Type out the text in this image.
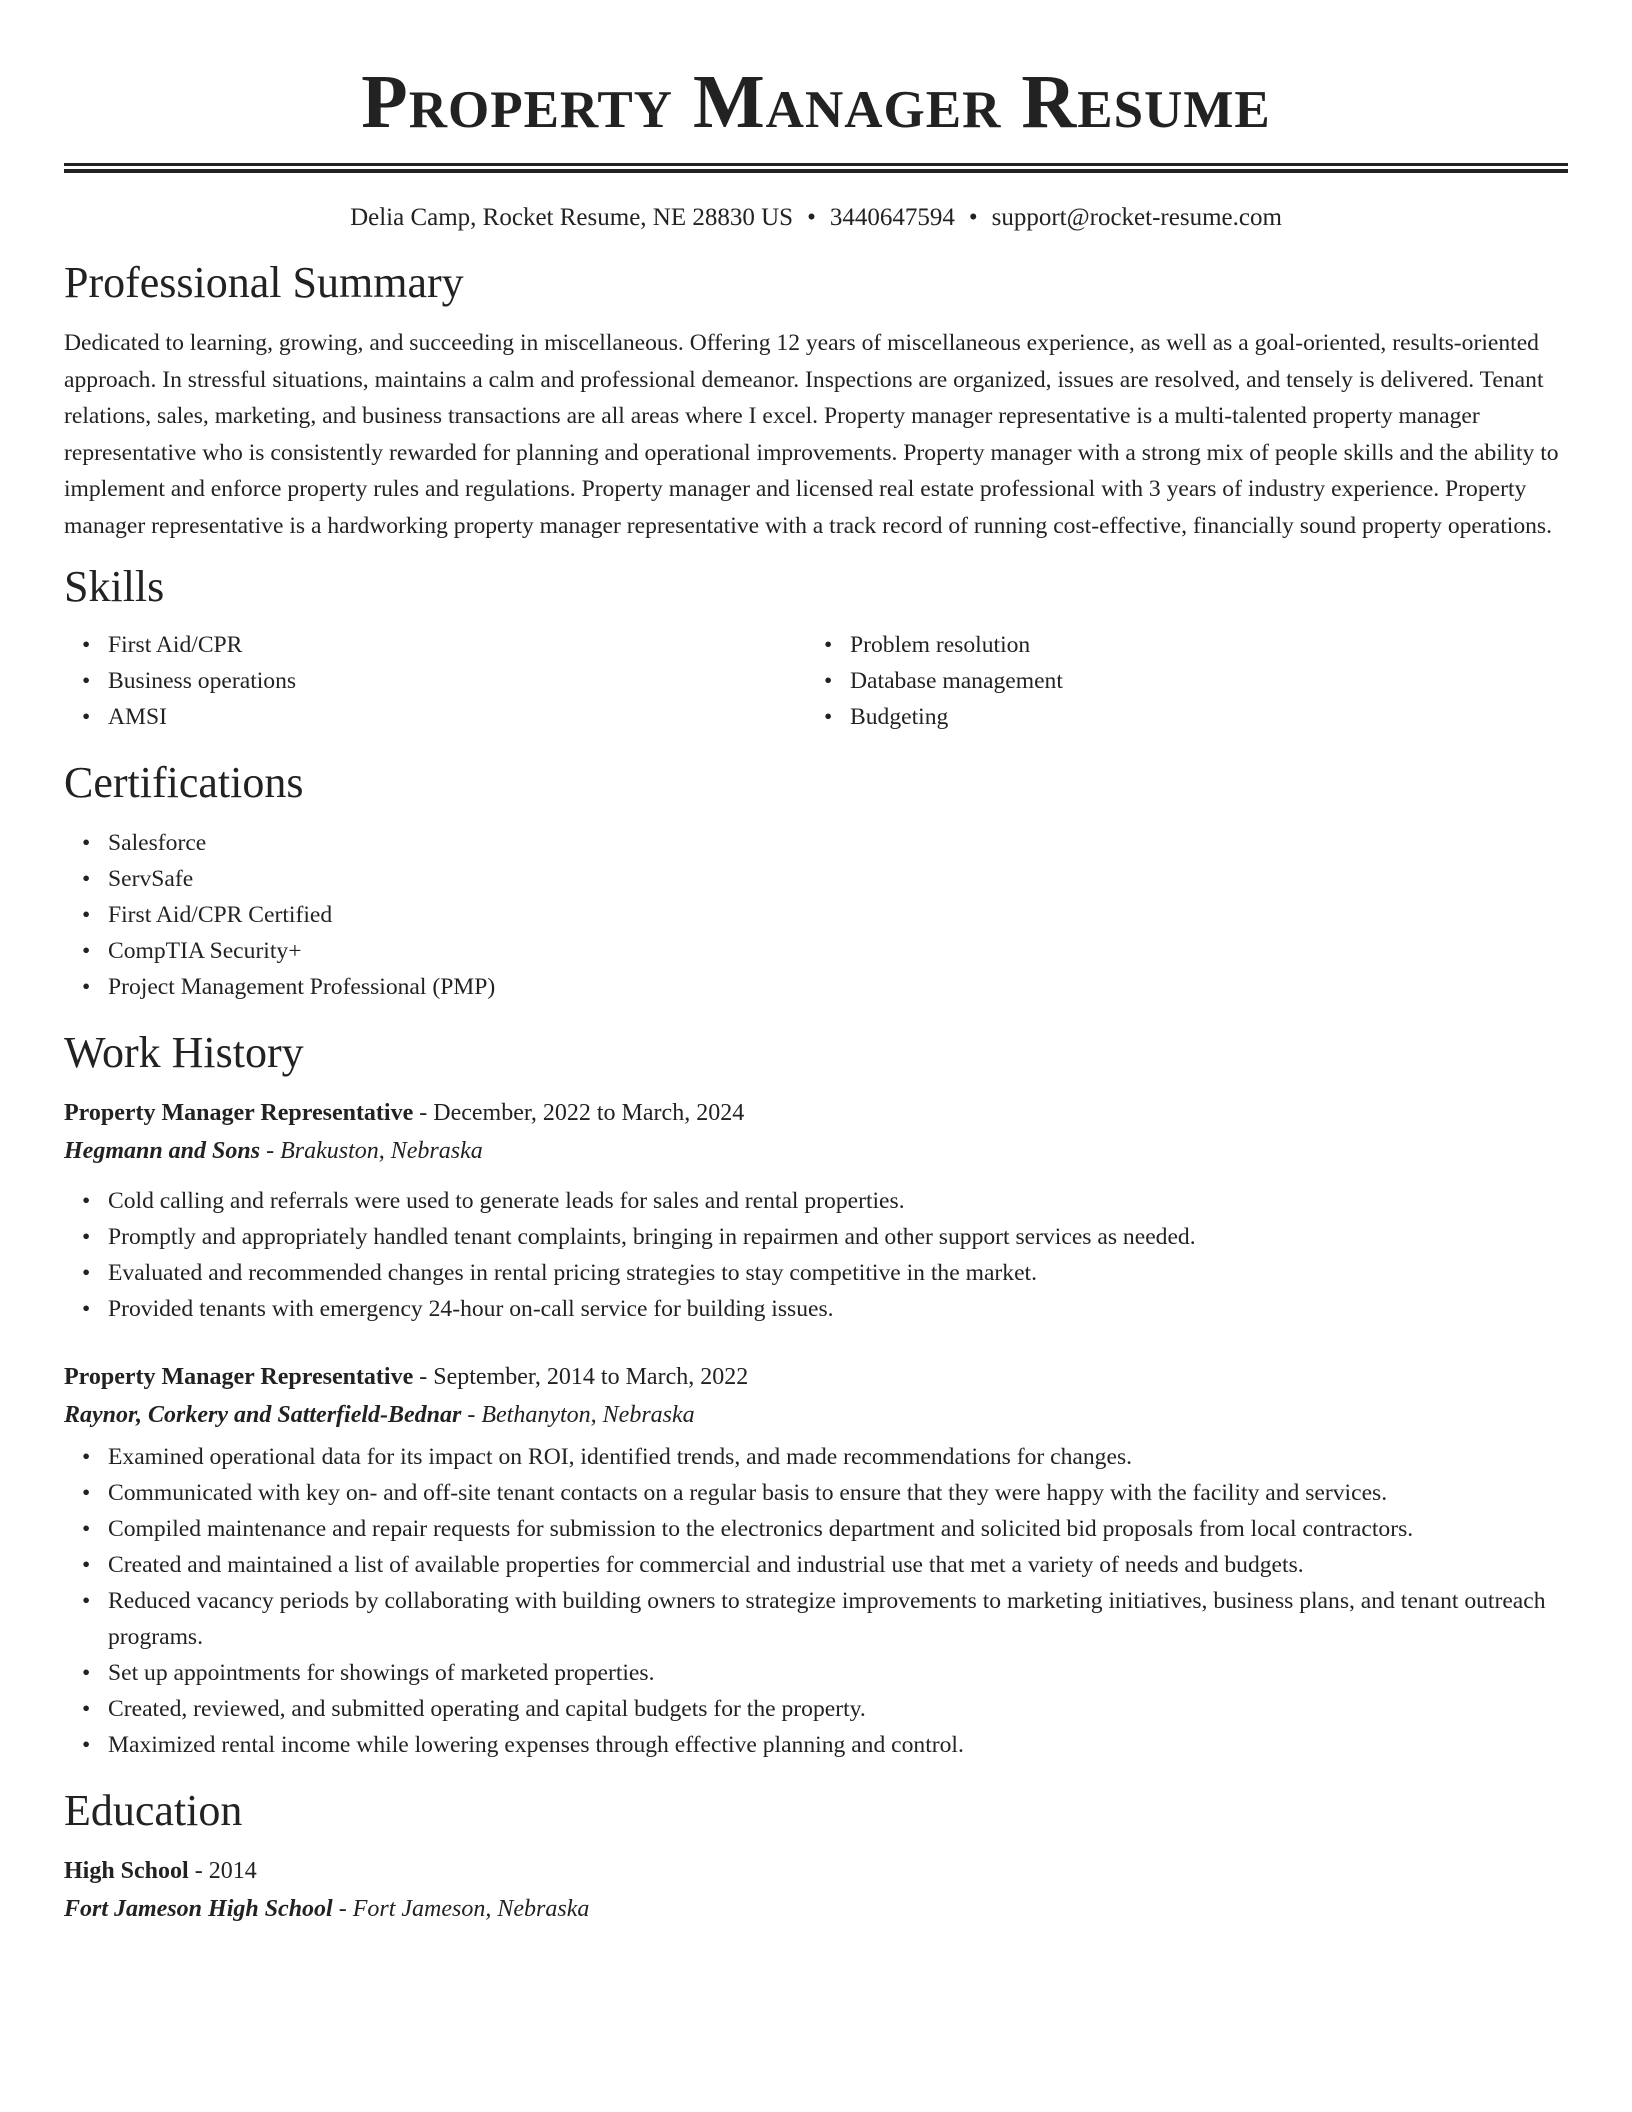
Property Manager Resume
Delia Camp, Rocket Resume, NE 28830 US • 3440647594 • support@rocket-resume.com
Professional Summary

Dedicated to learning, growing, and succeeding in miscellaneous. Offering 12 years of miscellaneous experience, as well as a goal-oriented, results-oriented approach. In stressful situations, maintains a calm and professional demeanor. Inspections are organized, issues are resolved, and tensely is delivered. Tenant relations, sales, marketing, and business transactions are all areas where I excel. Property manager representative is a multi-talented property manager representative who is consistently rewarded for planning and operational improvements. Property manager with a strong mix of people skills and the ability to implement and enforce property rules and regulations. Property manager and licensed real estate professional with 3 years of industry experience. Property manager representative is a hardworking property manager representative with a track record of running cost-effective, financially sound property operations.

Skills
• First Aid/CPR
• Business operations
• AMSI
• Problem resolution
• Database management
• Budgeting
Certifications
• Salesforce
• ServSafe
• First Aid/CPR Certified
• CompTIA Security+
• Project Management Professional (PMP)
Work History
Property Manager Representative - December, 2022 to March, 2024
Hegmann and Sons - Brakuston, Nebraska
• Cold calling and referrals were used to generate leads for sales and rental properties.
• Promptly and appropriately handled tenant complaints, bringing in repairmen and other support services as needed.
• Evaluated and recommended changes in rental pricing strategies to stay competitive in the market.
• Provided tenants with emergency 24-hour on-call service for building issues.
Property Manager Representative - September, 2014 to March, 2022
Raynor, Corkery and Satterfield-Bednar - Bethanyton, Nebraska
• Examined operational data for its impact on ROI, identified trends, and made recommendations for changes.
• Communicated with key on- and off-site tenant contacts on a regular basis to ensure that they were happy with the facility and services.
• Compiled maintenance and repair requests for submission to the electronics department and solicited bid proposals from local contractors.
• Created and maintained a list of available properties for commercial and industrial use that met a variety of needs and budgets.
• Reduced vacancy periods by collaborating with building owners to strategize improvements to marketing initiatives, business plans, and tenant outreach programs.
• Set up appointments for showings of marketed properties.
• Created, reviewed, and submitted operating and capital budgets for the property.
• Maximized rental income while lowering expenses through effective planning and control.
Education
High School - 2014
Fort Jameson High School - Fort Jameson, Nebraska
